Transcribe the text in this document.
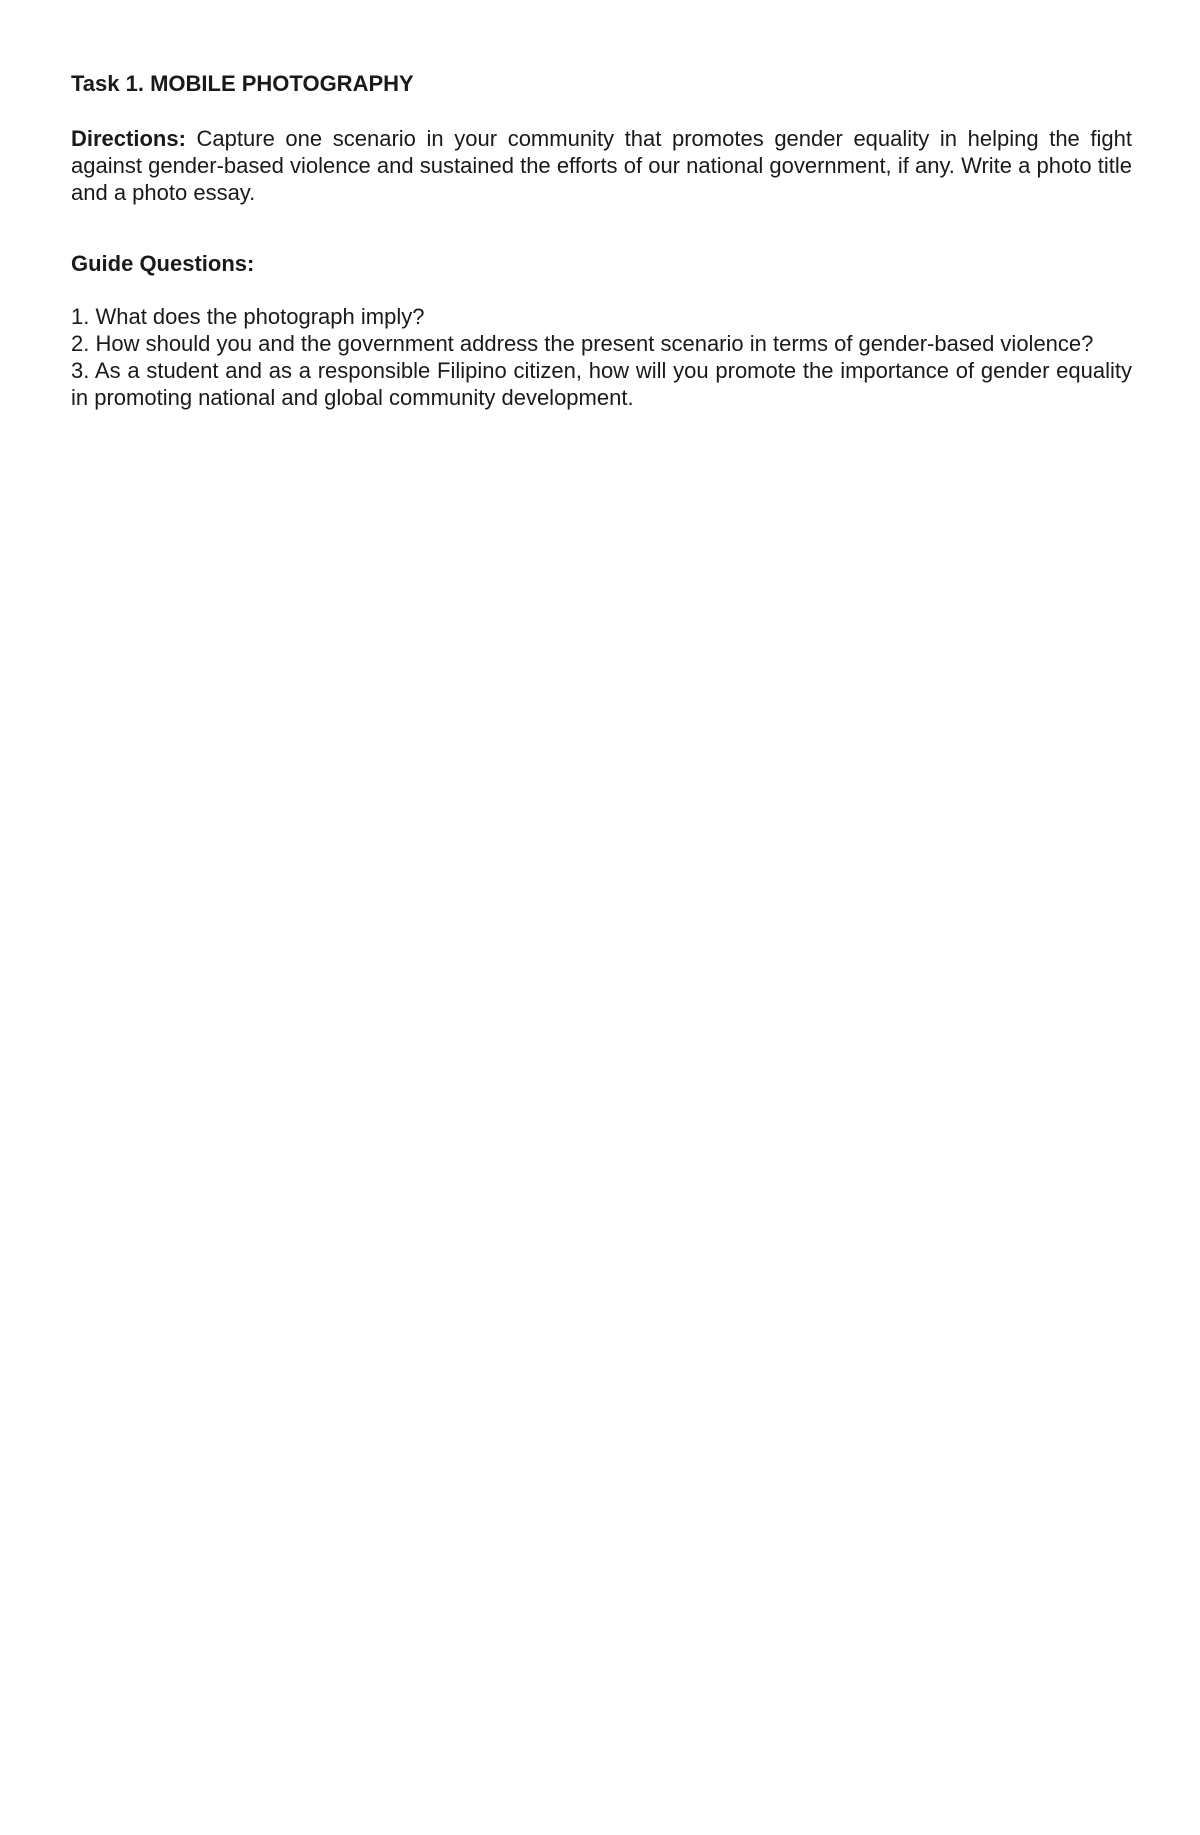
Task 1. MOBILE PHOTOGRAPHY

Directions: Capture one scenario in your community that promotes gender equality in helping the fight against gender-based violence and sustained the efforts of our national government, if any. Write a photo title and a photo essay.

Guide Questions:

1. What does the photograph imply?
2. How should you and the government address the present scenario in terms of gender-based violence?
3. As a student and as a responsible Filipino citizen, how will you promote the importance of gender equality in promoting national and global community development.
